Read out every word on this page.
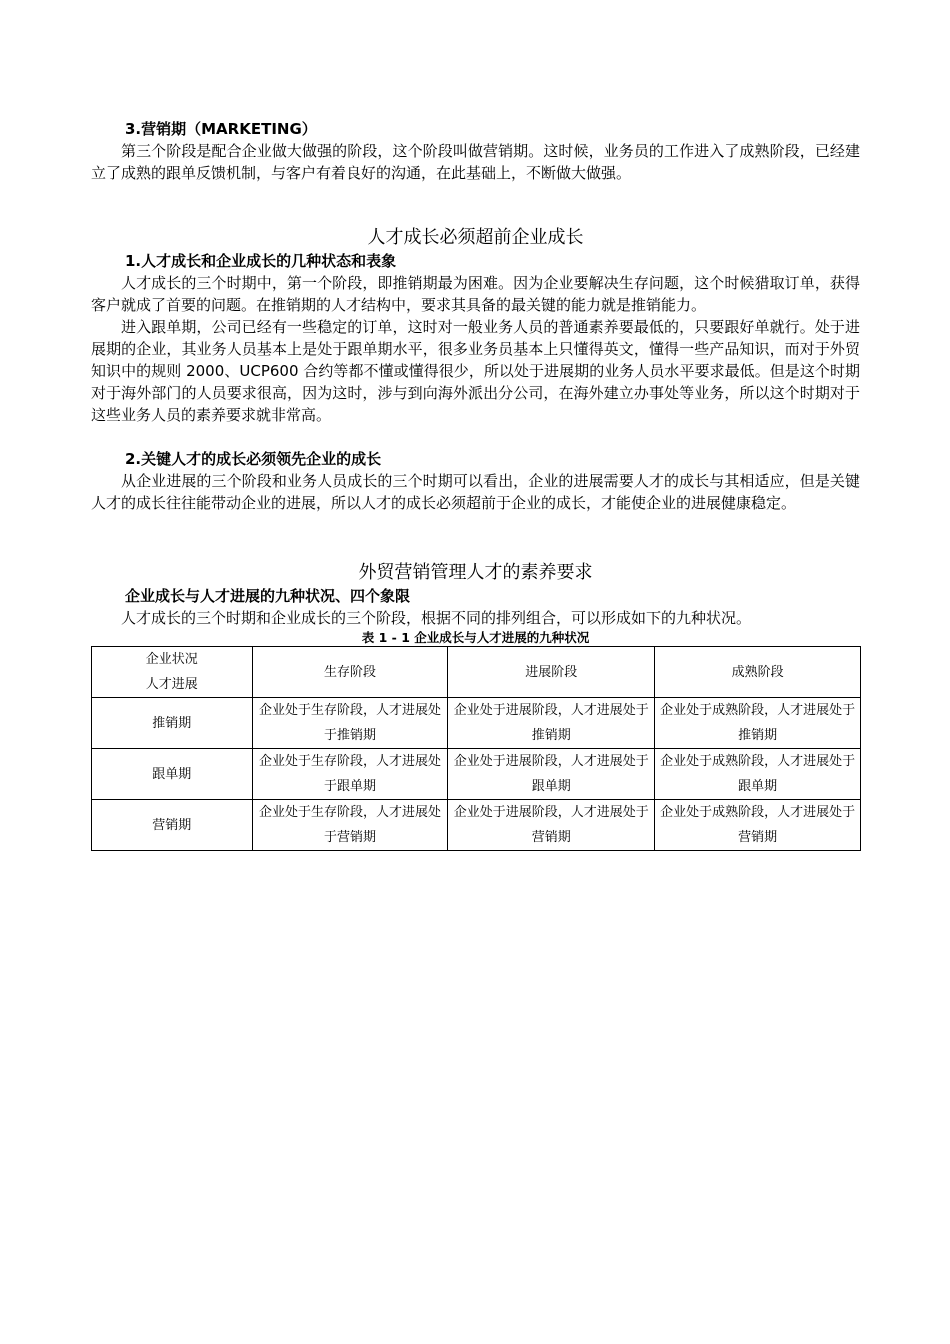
3.营销期（MARKETING）

第三个阶段是配合企业做大做强的阶段，这个阶段叫做营销期。这时候，业务员的工作进入了成熟阶段，已经建立了成熟的跟单反馈机制，与客户有着良好的沟通，在此基础上，不断做大做强。

人才成长必须超前企业成长

1.人才成长和企业成长的几种状态和表象

人才成长的三个时期中，第一个阶段，即推销期最为困难。因为企业要解决生存问题，这个时候猎取订单，获得客户就成了首要的问题。在推销期的人才结构中，要求其具备的最关键的能力就是推销能力。

进入跟单期，公司已经有一些稳定的订单，这时对一般业务人员的普通素养要最低的，只要跟好单就行。处于进展期的企业，其业务人员基本上是处于跟单期水平，很多业务员基本上只懂得英文，懂得一些产品知识，而对于外贸知识中的规则 2000、UCP600 合约等都不懂或懂得很少，所以处于进展期的业务人员水平要求最低。但是这个时期对于海外部门的人员要求很高，因为这时，涉与到向海外派出分公司，在海外建立办事处等业务，所以这个时期对于这些业务人员的素养要求就非常高。

2.关键人才的成长必须领先企业的成长

从企业进展的三个阶段和业务人员成长的三个时期可以看出，企业的进展需要人才的成长与其相适应，但是关键人才的成长往往能带动企业的进展，所以人才的成长必须超前于企业的成长，才能使企业的进展健康稳定。

外贸营销管理人才的素养要求

企业成长与人才进展的九种状况、四个象限

人才成长的三个时期和企业成长的三个阶段，根据不同的排列组合，可以形成如下的九种状况。

表 1 - 1 企业成长与人才进展的九种状况

企业状况
人才进展	生存阶段	进展阶段	成熟阶段
推销期	企业处于生存阶段，人才进展处于推销期	企业处于进展阶段，人才进展处于推销期	企业处于成熟阶段，人才进展处于推销期
跟单期	企业处于生存阶段，人才进展处于跟单期	企业处于进展阶段，人才进展处于跟单期	企业处于成熟阶段，人才进展处于跟单期
营销期	企业处于生存阶段，人才进展处于营销期	企业处于进展阶段，人才进展处于营销期	企业处于成熟阶段，人才进展处于营销期
